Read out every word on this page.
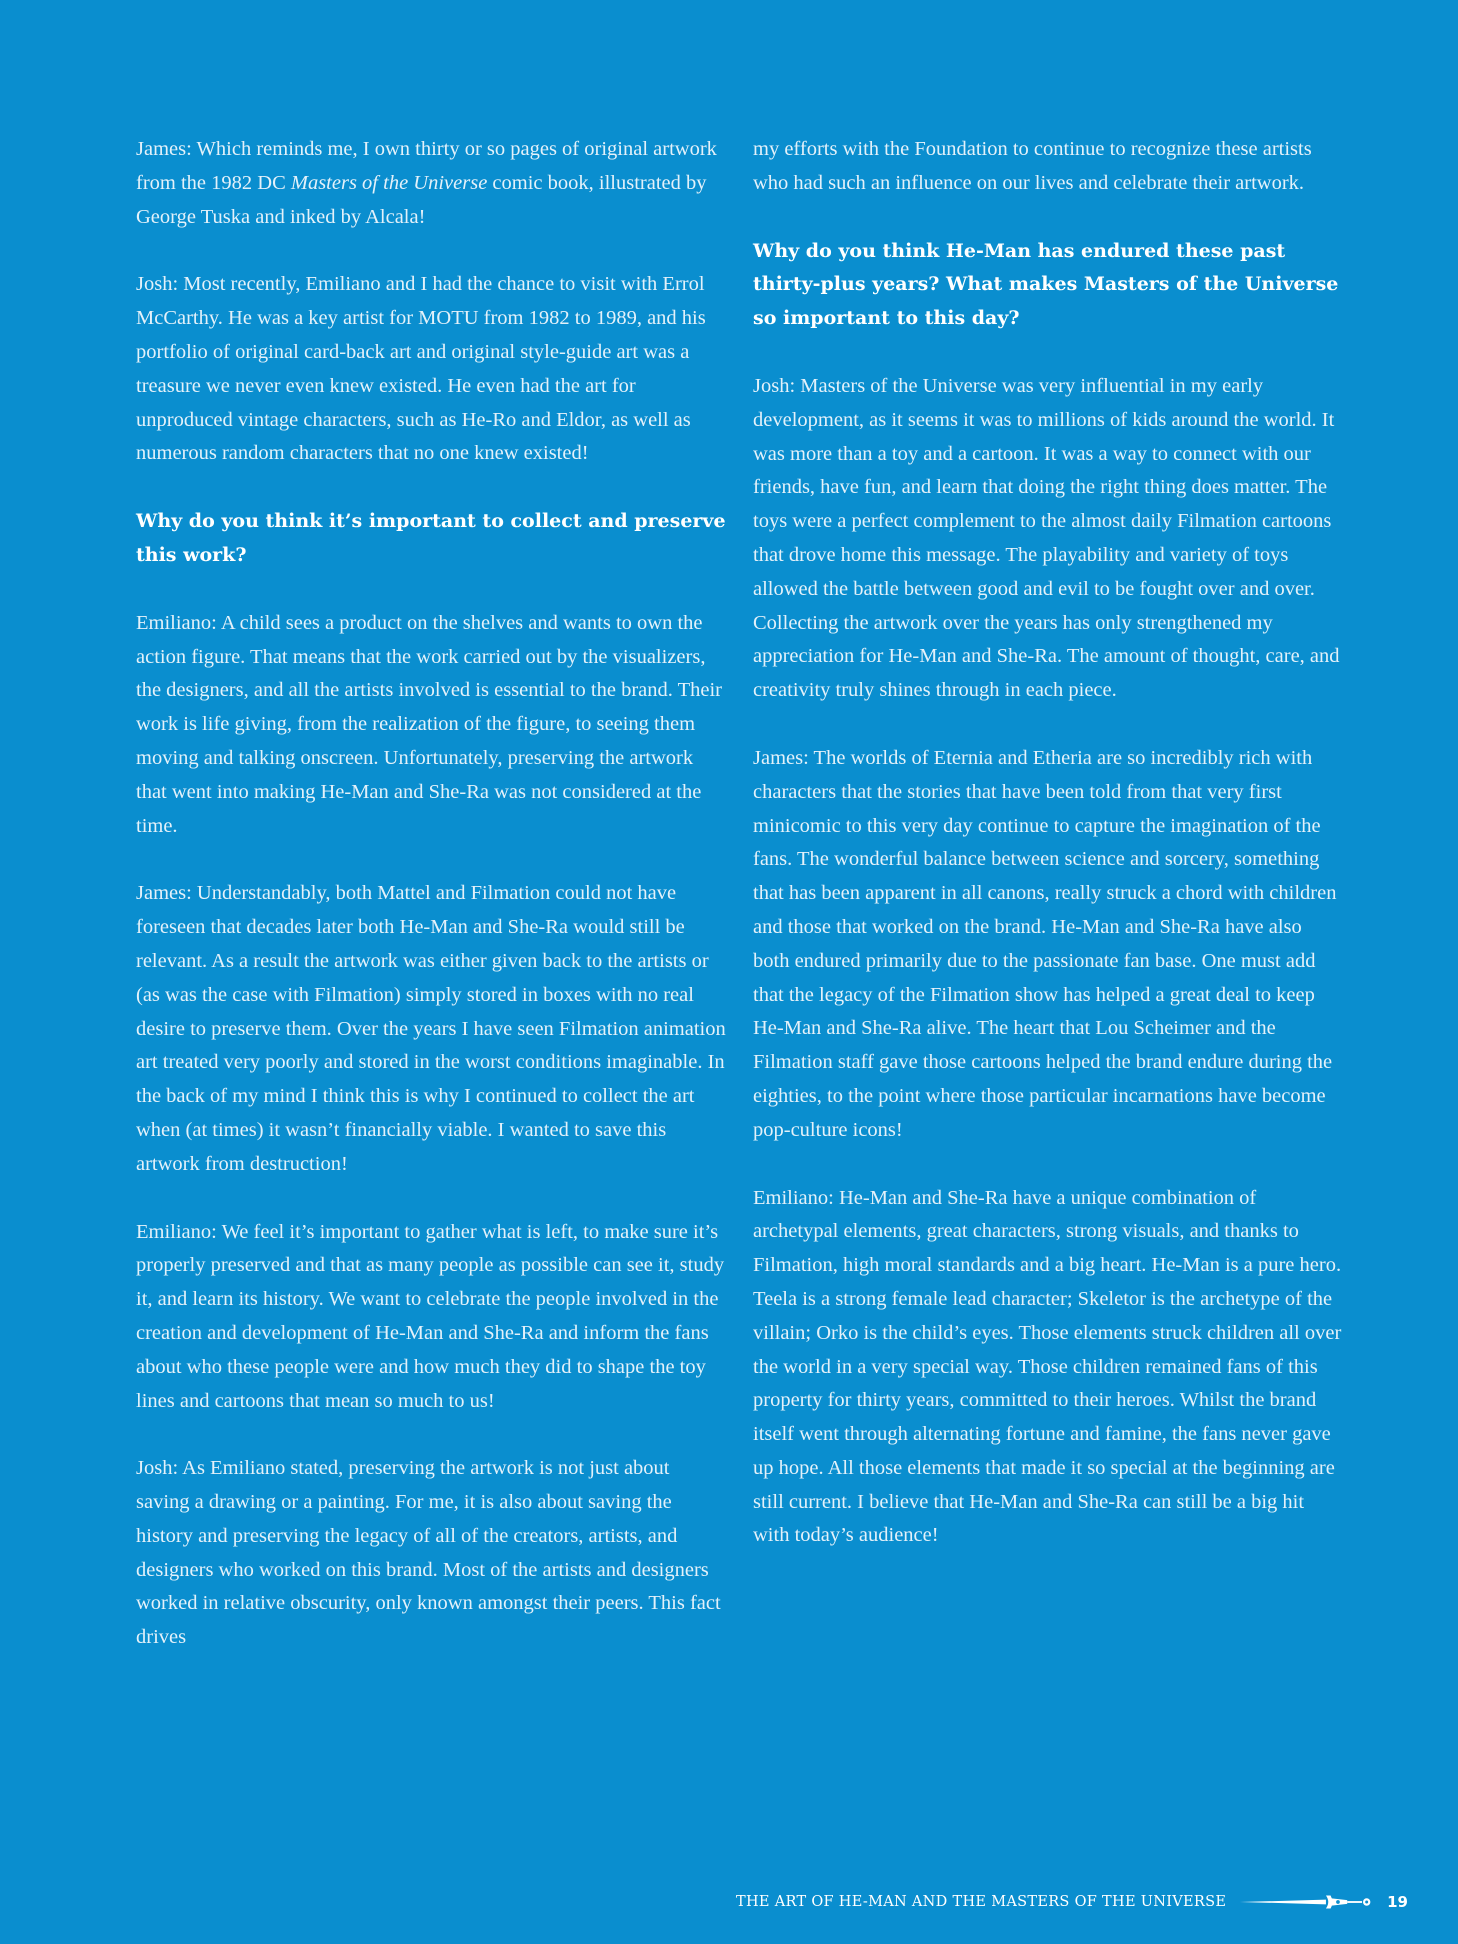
James: Which reminds me, I own thirty or so pages of original artwork from the 1982 DC Masters of the Universe comic book, illustrated by George Tuska and inked by Alcala!

Josh: Most recently, Emiliano and I had the chance to visit with Errol McCarthy. He was a key artist for MOTU from 1982 to 1989, and his portfolio of original card-back art and original style-guide art was a treasure we never even knew existed. He even had the art for unproduced vintage characters, such as He-Ro and Eldor, as well as numerous random characters that no one knew existed!

Why do you think it’s important to collect and preserve this work?

Emiliano: A child sees a product on the shelves and wants to own the action figure. That means that the work carried out by the visualizers, the designers, and all the artists involved is essential to the brand. Their work is life giving, from the realization of the figure, to seeing them moving and talking onscreen. Unfortunately, preserving the artwork that went into making He-Man and She-Ra was not considered at the time.

James: Understandably, both Mattel and Filmation could not have foreseen that decades later both He-Man and She-Ra would still be relevant. As a result the artwork was either given back to the artists or (as was the case with Filmation) simply stored in boxes with no real desire to preserve them. Over the years I have seen Filmation animation art treated very poorly and stored in the worst conditions imaginable. In the back of my mind I think this is why I continued to collect the art when (at times) it wasn’t financially viable. I wanted to save this artwork from destruction!

Emiliano: We feel it’s important to gather what is left, to make sure it’s properly preserved and that as many people as possible can see it, study it, and learn its history. We want to celebrate the people involved in the creation and development of He-Man and She-Ra and inform the fans about who these people were and how much they did to shape the toy lines and cartoons that mean so much to us!

Josh: As Emiliano stated, preserving the artwork is not just about saving a drawing or a painting. For me, it is also about saving the history and preserving the legacy of all of the creators, artists, and designers who worked on this brand. Most of the artists and designers worked in relative obscurity, only known amongst their peers. This fact drives

my efforts with the Foundation to continue to recognize these artists who had such an influence on our lives and celebrate their artwork.

Why do you think He-Man has endured these past thirty-plus years? What makes Masters of the Universe so important to this day?

Josh: Masters of the Universe was very influential in my early development, as it seems it was to millions of kids around the world. It was more than a toy and a cartoon. It was a way to connect with our friends, have fun, and learn that doing the right thing does matter. The toys were a perfect complement to the almost daily Filmation cartoons that drove home this message. The playability and variety of toys allowed the battle between good and evil to be fought over and over. Collecting the artwork over the years has only strengthened my appreciation for He-Man and She-Ra. The amount of thought, care, and creativity truly shines through in each piece.

James: The worlds of Eternia and Etheria are so incredibly rich with characters that the stories that have been told from that very first minicomic to this very day continue to capture the imagination of the fans. The wonderful balance between science and sorcery, something that has been apparent in all canons, really struck a chord with children and those that worked on the brand. He-Man and She-Ra have also both endured primarily due to the passionate fan base. One must add that the legacy of the Filmation show has helped a great deal to keep He-Man and She-Ra alive. The heart that Lou Scheimer and the Filmation staff gave those cartoons helped the brand endure during the eighties, to the point where those particular incarnations have become pop-culture icons!

Emiliano: He-Man and She-Ra have a unique combination of archetypal elements, great characters, strong visuals, and thanks to Filmation, high moral standards and a big heart. He-Man is a pure hero. Teela is a strong female lead character; Skeletor is the archetype of the villain; Orko is the child’s eyes. Those elements struck children all over the world in a very special way. Those children remained fans of this property for thirty years, committed to their heroes. Whilst the brand itself went through alternating fortune and famine, the fans never gave up hope. All those elements that made it so special at the beginning are still current. I believe that He-Man and She-Ra can still be a big hit with today’s audience!

THE ART OF HE-MAN AND THE MASTERS OF THE UNIVERSE	19
